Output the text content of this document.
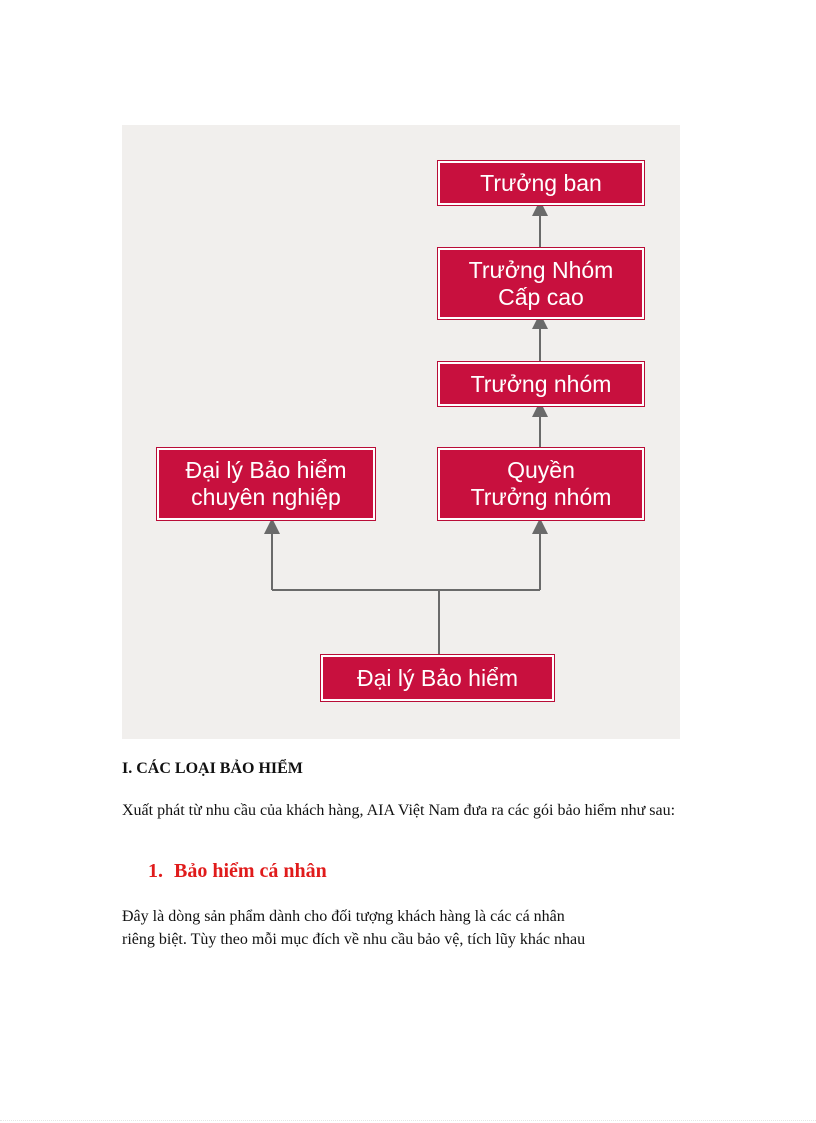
Trưởng ban
Trưởng Nhóm
Cấp cao
Trưởng nhóm
Quyền
Trưởng nhóm
Đại lý Bảo hiểm
chuyên nghiệp
Đại lý Bảo hiểm
I. CÁC LOẠI BẢO HIỂM
Xuất phát từ nhu cầu của khách hàng, AIA Việt Nam đưa ra các gói bảo hiểm như sau:
1. Bảo hiểm cá nhân
Đây là dòng sản phẩm dành cho đối tượng khách hàng là các cá nhân
riêng biệt. Tùy theo mỗi mục đích về nhu cầu bảo vệ, tích lũy khác nhau
